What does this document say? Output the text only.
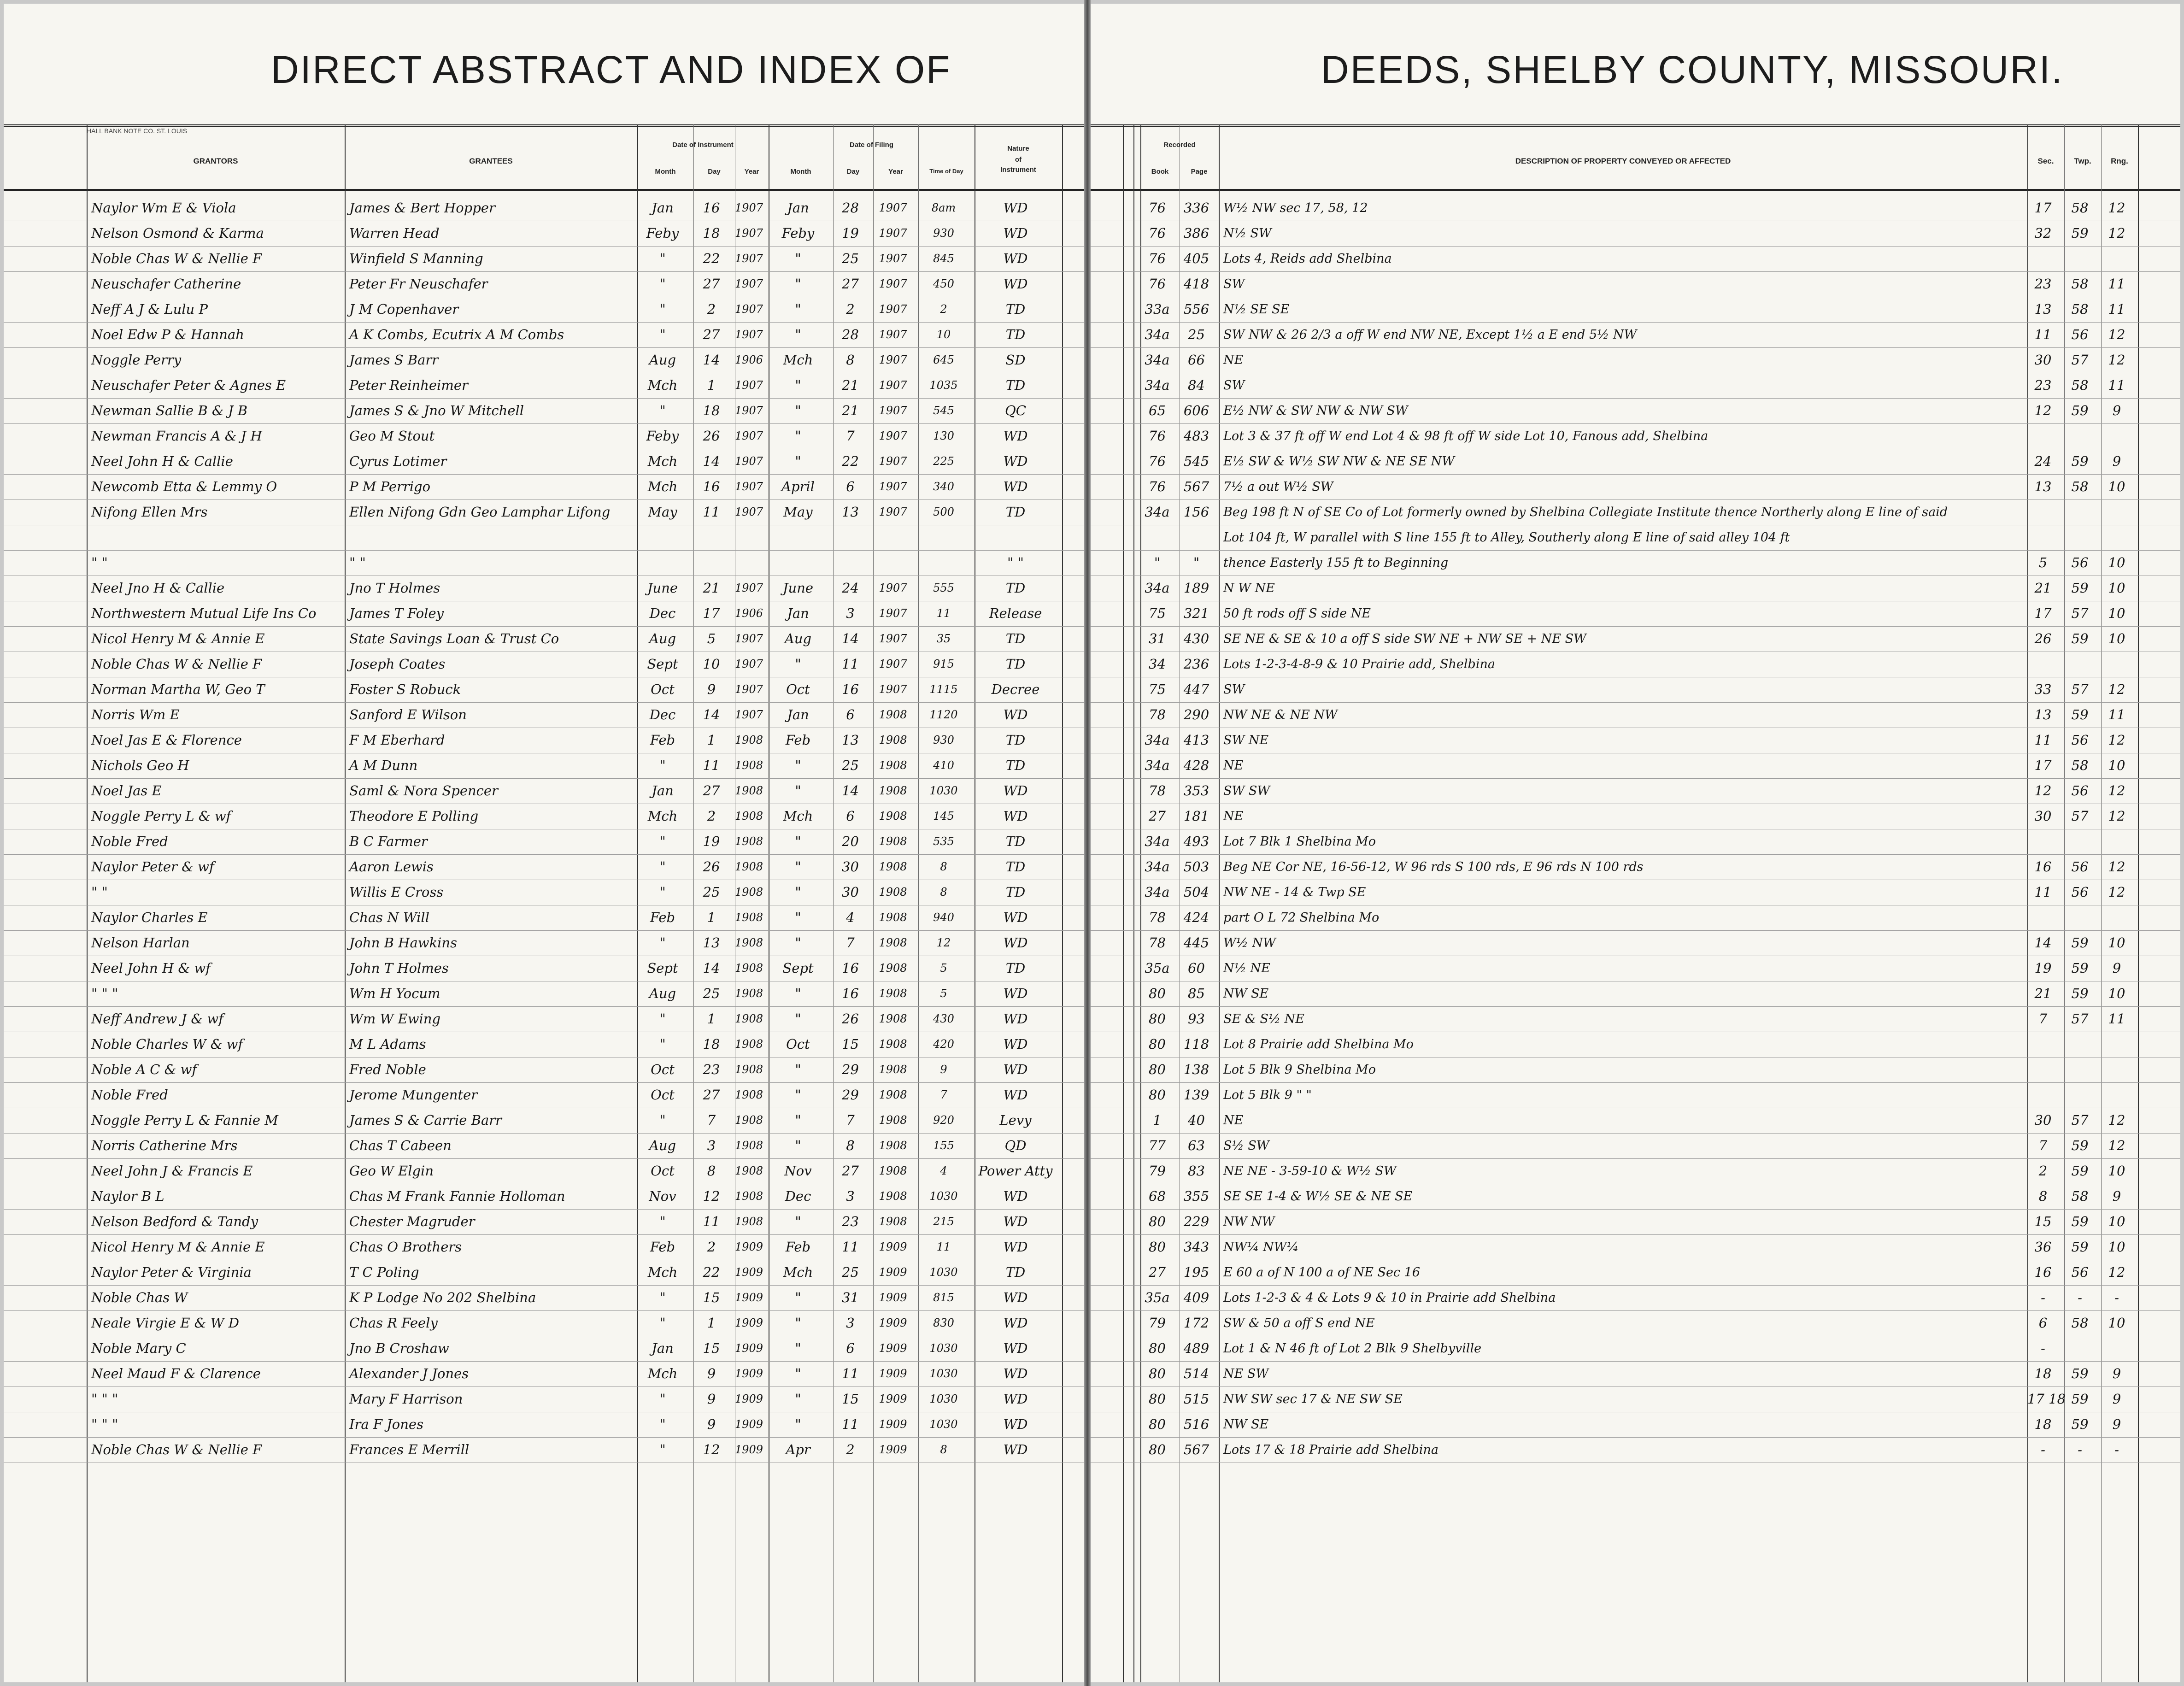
DIRECT ABSTRACT AND INDEX OF
HALL BANK NOTE CO. ST. LOUIS
GRANTORS	GRANTEES
Date of Instrument	Date of Filing
Month	Day	Year	Month	Day	Year	Time of Day
Nature
of
Instrument
Naylor Wm E & Viola	James & Bert Hopper	Jan	16	1907	Jan	28	1907	8am	WD
Nelson Osmond & Karma	Warren Head	Feby	18	1907	Feby	19	1907	930	WD
Noble Chas W & Nellie F	Winfield S Manning	"	22	1907	"	25	1907	845	WD
Neuschafer Catherine	Peter Fr Neuschafer	"	27	1907	"	27	1907	450	WD
Neff A J & Lulu P	J M Copenhaver	"	2	1907	"	2	1907	2	TD
Noel Edw P & Hannah	A K Combs, Ecutrix A M Combs	"	27	1907	"	28	1907	10	TD
Noggle Perry	James S Barr	Aug	14	1906	Mch	8	1907	645	SD
Neuschafer Peter & Agnes E	Peter Reinheimer	Mch	1	1907	"	21	1907	1035	TD
Newman Sallie B & J B	James S & Jno W Mitchell	"	18	1907	"	21	1907	545	QC
Newman Francis A & J H	Geo M Stout	Feby	26	1907	"	7	1907	130	WD
Neel John H & Callie	Cyrus Lotimer	Mch	14	1907	"	22	1907	225	WD
Newcomb Etta & Lemmy O	P M Perrigo	Mch	16	1907	April	6	1907	340	WD
Nifong Ellen Mrs	Ellen Nifong Gdn Geo Lamphar Lifong	May	11	1907	May	13	1907	500	TD
" "	" "	" "
Neel Jno H & Callie	Jno T Holmes	June	21	1907	June	24	1907	555	TD
Northwestern Mutual Life Ins Co	James T Foley	Dec	17	1906	Jan	3	1907	11	Release
Nicol Henry M & Annie E	State Savings Loan & Trust Co	Aug	5	1907	Aug	14	1907	35	TD
Noble Chas W & Nellie F	Joseph Coates	Sept	10	1907	"	11	1907	915	TD
Norman Martha W, Geo T	Foster S Robuck	Oct	9	1907	Oct	16	1907	1115	Decree
Norris Wm E	Sanford E Wilson	Dec	14	1907	Jan	6	1908	1120	WD
Noel Jas E & Florence	F M Eberhard	Feb	1	1908	Feb	13	1908	930	TD
Nichols Geo H	A M Dunn	"	11	1908	"	25	1908	410	TD
Noel Jas E	Saml & Nora Spencer	Jan	27	1908	"	14	1908	1030	WD
Noggle Perry L & wf	Theodore E Polling	Mch	2	1908	Mch	6	1908	145	WD
Noble Fred	B C Farmer	"	19	1908	"	20	1908	535	TD
Naylor Peter & wf	Aaron Lewis	"	26	1908	"	30	1908	8	TD
" "	Willis E Cross	"	25	1908	"	30	1908	8	TD
Naylor Charles E	Chas N Will	Feb	1	1908	"	4	1908	940	WD
Nelson Harlan	John B Hawkins	"	13	1908	"	7	1908	12	WD
Neel John H & wf	John T Holmes	Sept	14	1908	Sept	16	1908	5	TD
" " "	Wm H Yocum	Aug	25	1908	"	16	1908	5	WD
Neff Andrew J & wf	Wm W Ewing	"	1	1908	"	26	1908	430	WD
Noble Charles W & wf	M L Adams	"	18	1908	Oct	15	1908	420	WD
Noble A C & wf	Fred Noble	Oct	23	1908	"	29	1908	9	WD
Noble Fred	Jerome Mungenter	Oct	27	1908	"	29	1908	7	WD
Noggle Perry L & Fannie M	James S & Carrie Barr	"	7	1908	"	7	1908	920	Levy
Norris Catherine Mrs	Chas T Cabeen	Aug	3	1908	"	8	1908	155	QD
Neel John J & Francis E	Geo W Elgin	Oct	8	1908	Nov	27	1908	4	Power Atty
Naylor B L	Chas M Frank Fannie Holloman	Nov	12	1908	Dec	3	1908	1030	WD
Nelson Bedford & Tandy	Chester Magruder	"	11	1908	"	23	1908	215	WD
Nicol Henry M & Annie E	Chas O Brothers	Feb	2	1909	Feb	11	1909	11	WD
Naylor Peter & Virginia	T C Poling	Mch	22	1909	Mch	25	1909	1030	TD
Noble Chas W	K P Lodge No 202 Shelbina	"	15	1909	"	31	1909	815	WD
Neale Virgie E & W D	Chas R Feely	"	1	1909	"	3	1909	830	WD
Noble Mary C	Jno B Croshaw	Jan	15	1909	"	6	1909	1030	WD
Neel Maud F & Clarence	Alexander J Jones	Mch	9	1909	"	11	1909	1030	WD
" " "	Mary F Harrison	"	9	1909	"	15	1909	1030	WD
" " "	Ira F Jones	"	9	1909	"	11	1909	1030	WD
Noble Chas W & Nellie F	Frances E Merrill	"	12	1909	Apr	2	1909	8	WD
DEEDS, SHELBY COUNTY, MISSOURI.
Recorded
Book	Page
DESCRIPTION OF PROPERTY CONVEYED OR AFFECTED	Sec.	Twp.	Rng.
76	336	W½ NW sec 17, 58, 12	17	58	12
76	386	N½ SW	32	59	12
76	405	Lots 4, Reids add Shelbina
76	418	SW	23	58	11
33a	556	N½ SE SE	13	58	11
34a	25	SW NW & 26 2/3 a off W end NW NE, Except 1½ a E end 5½ NW	11	56	12
34a	66	NE	30	57	12
34a	84	SW	23	58	11
65	606	E½ NW & SW NW & NW SW	12	59	9
76	483	Lot 3 & 37 ft off W end Lot 4 & 98 ft off W side Lot 10, Fanous add, Shelbina
76	545	E½ SW & W½ SW NW & NE SE NW	24	59	9
76	567	7½ a out W½ SW	13	58	10
34a	156	Beg 198 ft N of SE Co of Lot formerly owned by Shelbina Collegiate Institute thence Northerly along E line of said
Lot 104 ft, W parallel with S line 155 ft to Alley, Southerly along E line of said alley 104 ft
"	"	thence Easterly 155 ft to Beginning	5	56	10
34a	189	N W NE	21	59	10
75	321	50 ft rods off S side NE	17	57	10
31	430	SE NE & SE & 10 a off S side SW NE + NW SE + NE SW	26	59	10
34	236	Lots 1-2-3-4-8-9 & 10 Prairie add, Shelbina
75	447	SW	33	57	12
78	290	NW NE & NE NW	13	59	11
34a	413	SW NE	11	56	12
34a	428	NE	17	58	10
78	353	SW SW	12	56	12
27	181	NE	30	57	12
34a	493	Lot 7 Blk 1 Shelbina Mo
34a	503	Beg NE Cor NE, 16-56-12, W 96 rds S 100 rds, E 96 rds N 100 rds	16	56	12
34a	504	NW NE - 14 & Twp SE	11	56	12
78	424	part O L 72 Shelbina Mo
78	445	W½ NW	14	59	10
35a	60	N½ NE	19	59	9
80	85	NW SE	21	59	10
80	93	SE & S½ NE	7	57	11
80	118	Lot 8 Prairie add Shelbina Mo
80	138	Lot 5 Blk 9 Shelbina Mo
80	139	Lot 5 Blk 9 " "
1	40	NE	30	57	12
77	63	S½ SW	7	59	12
79	83	NE NE - 3-59-10 & W½ SW	2	59	10
68	355	SE SE 1-4 & W½ SE & NE SE	8	58	9
80	229	NW NW	15	59	10
80	343	NW¼ NW¼	36	59	10
27	195	E 60 a of N 100 a of NE Sec 16	16	56	12
35a	409	Lots 1-2-3 & 4 & Lots 9 & 10 in Prairie add Shelbina	-	-	-
79	172	SW & 50 a off S end NE	6	58	10
80	489	Lot 1 & N 46 ft of Lot 2 Blk 9 Shelbyville	-
80	514	NE SW	18	59	9
80	515	NW SW sec 17 & NE SW SE	17 18 59	9
80	516	NW SE	18	59	9
80	567	Lots 17 & 18 Prairie add Shelbina	-	-	-
